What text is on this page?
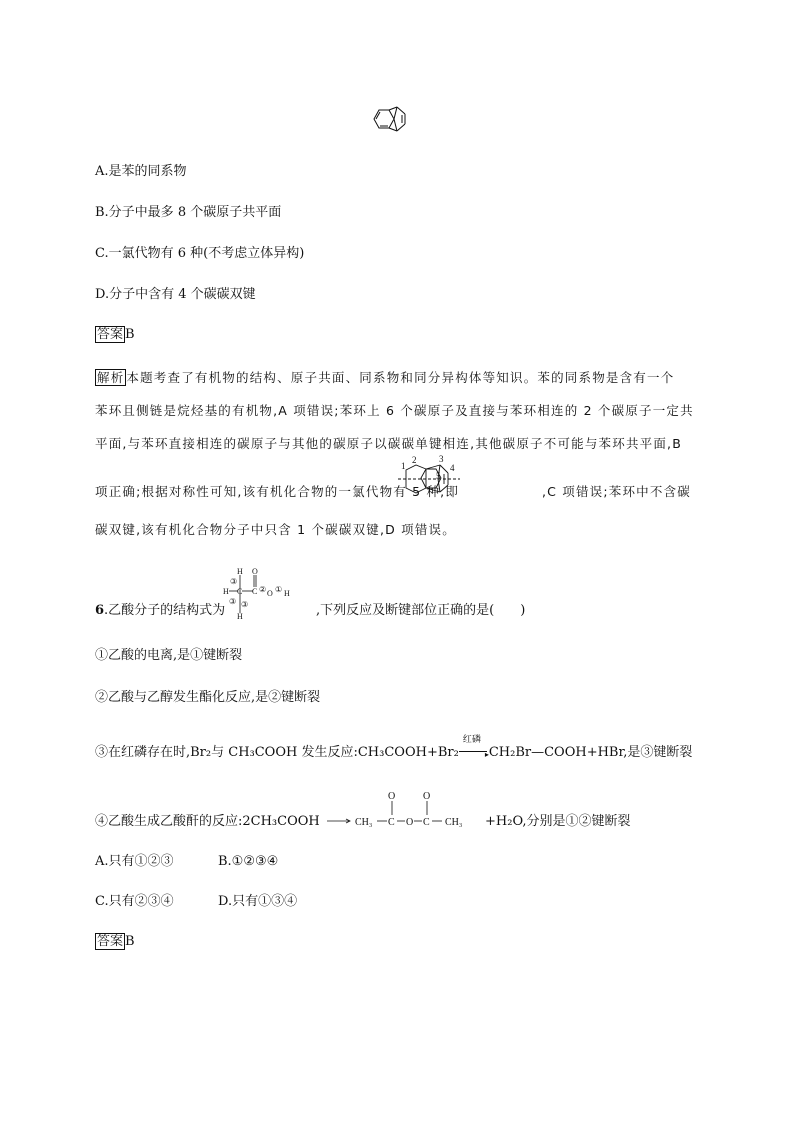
A.是苯的同系物
B.分子中最多 8 个碳原子共平面
C.一氯代物有 6 种(不考虑立体异构)
D.分子中含有 4 个碳碳双键
答案 B
解析 本题考查了有机物的结构、原子共面、同系物和同分异构体等知识。苯的同系物是含有一个
苯环且侧链是烷烃基的有机物,A 项错误;苯环上 6 个碳原子及直接与苯环相连的 2 个碳原子一定共
平面,与苯环直接相连的碳原子与其他的碳原子以碳碳单键相连,其他碳原子不可能与苯环共平面,B
项正确;根据对称性可知,该有机化合物的一氯代物有 5 种,即
1
2	3
4
5
,C 项错误;苯环中不含碳
碳双键,该有机化合物分子中只含 1 个碳碳双键,D 项错误。
6.乙酸分子的结构式为
H O
③
H C C ② O ① H
③ ③
H	,下列反应及断键部位正确的是(　　)
①乙酸的电离,是①键断裂
②乙酸与乙醇发生酯化反应,是②键断裂
③在红磷存在时,Br₂与 CH₃COOH 发生反应:CH₃COOH+Br₂
红磷
▸ CH₂Br—COOH+HBr,是③键断裂
④乙酸生成乙酸酐的反应:2CH₃COOH	CH₃ C
O
O C
O
CH₃ +H₂O,分别是①②键断裂
A.只有①②③	B.①②③④
C.只有②③④	D.只有①③④
答案 B
